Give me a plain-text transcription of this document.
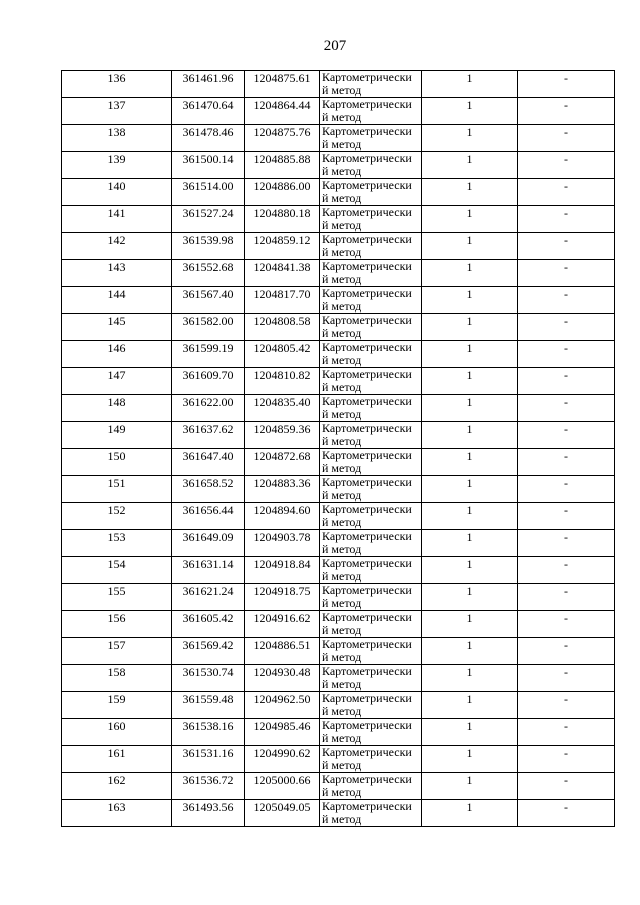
207
136	361461.96	1204875.61	Картометрически
й метод	1	-

137	361470.64	1204864.44	Картометрически
й метод	1	-

138	361478.46	1204875.76	Картометрически
й метод	1	-

139	361500.14	1204885.88	Картометрически
й метод	1	-

140	361514.00	1204886.00	Картометрически
й метод	1	-

141	361527.24	1204880.18	Картометрически
й метод	1	-

142	361539.98	1204859.12	Картометрически
й метод	1	-

143	361552.68	1204841.38	Картометрически
й метод	1	-

144	361567.40	1204817.70	Картометрически
й метод	1	-

145	361582.00	1204808.58	Картометрически
й метод	1	-

146	361599.19	1204805.42	Картометрически
й метод	1	-

147	361609.70	1204810.82	Картометрически
й метод	1	-

148	361622.00	1204835.40	Картометрически
й метод	1	-

149	361637.62	1204859.36	Картометрически
й метод	1	-

150	361647.40	1204872.68	Картометрически
й метод	1	-

151	361658.52	1204883.36	Картометрически
й метод	1	-

152	361656.44	1204894.60	Картометрически
й метод	1	-

153	361649.09	1204903.78	Картометрически
й метод	1	-

154	361631.14	1204918.84	Картометрически
й метод	1	-

155	361621.24	1204918.75	Картометрически
й метод	1	-

156	361605.42	1204916.62	Картометрически
й метод	1	-

157	361569.42	1204886.51	Картометрически
й метод	1	-

158	361530.74	1204930.48	Картометрически
й метод	1	-

159	361559.48	1204962.50	Картометрически
й метод	1	-

160	361538.16	1204985.46	Картометрически
й метод	1	-

161	361531.16	1204990.62	Картометрически
й метод	1	-

162	361536.72	1205000.66	Картометрически
й метод	1	-

163	361493.56	1205049.05	Картометрически
й метод	1	-
